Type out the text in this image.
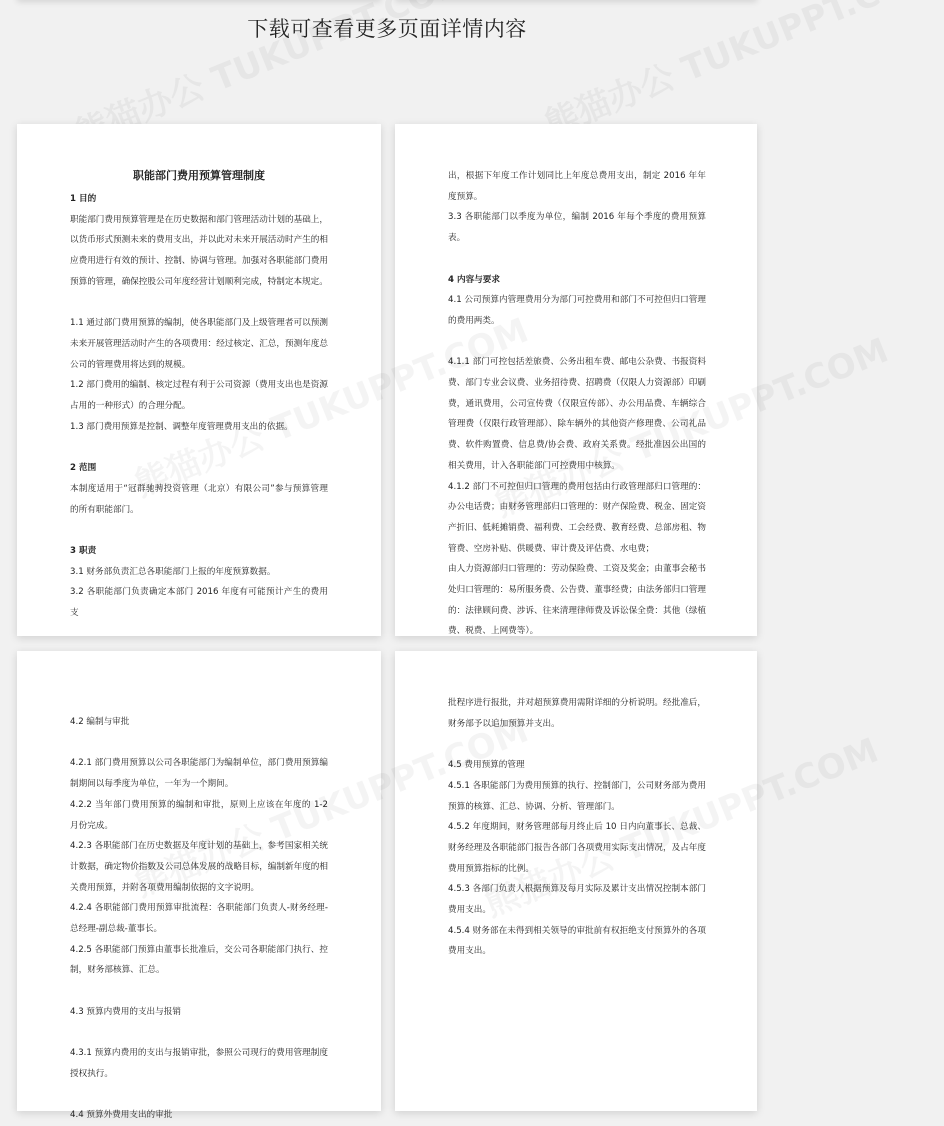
下载可查看更多页面详情内容
职能部门费用预算管理制度

1 目的

职能部门费用预算管理是在历史数据和部门管理活动计划的基础上，以货币形式预测未来的费用支出，并以此对未来开展活动时产生的相应费用进行有效的预计、控制、协调与管理。加强对各职能部门费用预算的管理，确保控股公司年度经营计划顺利完成，特制定本规定。

1.1 通过部门费用预算的编制，使各职能部门及上级管理者可以预测未来开展管理活动时产生的各项费用：经过核定、汇总，预测年度总公司的管理费用将达到的规模。

1.2 部门费用的编制、核定过程有利于公司资源（费用支出也是资源占用的一种形式）的合理分配。

1.3 部门费用预算是控制、调整年度管理费用支出的依据。

2 范围

本制度适用于“冠群驰骋投资管理（北京）有限公司”参与预算管理的所有职能部门。

3 职责

3.1 财务部负责汇总各职能部门上报的年度预算数据。

3.2 各职能部门负责确定本部门 2016 年度有可能预计产生的费用支

出，根据下年度工作计划同比上年度总费用支出，制定 2016 年年度预算。

3.3 各职能部门以季度为单位，编制 2016 年每个季度的费用预算表。

4 内容与要求

4.1 公司预算内管理费用分为部门可控费用和部门不可控但归口管理的费用两类。

4.1.1 部门可控包括差旅费、公务出租车费、邮电公杂费、书报资料费、部门专业会议费、业务招待费、招聘费（仅限人力资源部）印刷费，通讯费用，公司宣传费（仅限宣传部）、办公用品费、车辆综合管理费（仅限行政管理部）、除车辆外的其他资产修理费、公司礼品费、软件购置费、信息费/协会费、政府关系费。经批准因公出国的相关费用，计入各职能部门可控费用中核算。

4.1.2 部门不可控但归口管理的费用包括由行政管理部归口管理的：办公电话费；由财务管理部归口管理的：财产保险费、税金、固定资产折旧、低耗摊销费、福利费、工会经费、教育经费、总部房租、物管费、空房补贴、供暖费、审计费及评估费、水电费；

由人力资源部归口管理的：劳动保险费、工资及奖金；由董事会秘书处归口管理的：易所服务费、公告费、董事经费；由法务部归口管理的：法律顾问费、涉诉、往来清理律师费及诉讼保全费：其他（绿植费、税费、上网费等）。

4.2 编制与审批

4.2.1 部门费用预算以公司各职能部门为编制单位，部门费用预算编制期间以每季度为单位，一年为一个期间。

4.2.2 当年部门费用预算的编制和审批，原则上应该在年度的 1-2 月份完成。

4.2.3 各职能部门在历史数据及年度计划的基础上，参考国家相关统计数据，确定物价指数及公司总体发展的战略目标，编制新年度的相关费用预算，并附各项费用编制依据的文字说明。

4.2.4 各职能部门费用预算审批流程：各职能部门负责人-财务经理-总经理-副总裁-董事长。

4.2.5 各职能部门预算由董事长批准后，交公司各职能部门执行、控制，财务部核算、汇总。

4.3 预算内费用的支出与报销

4.3.1 预算内费用的支出与报销审批，参照公司现行的费用管理制度授权执行。

4.4 预算外费用支出的审批

批程序进行报批，并对超预算费用需附详细的分析说明。经批准后，财务部予以追加预算并支出。

4.5 费用预算的管理

4.5.1 各职能部门为费用预算的执行、控制部门，公司财务部为费用预算的核算、汇总、协调、分析、管理部门。

4.5.2 年度期间，财务管理部每月终止后 10 日内向董事长、总裁、财务经理及各职能部门报告各部门各项费用实际支出情况，及占年度费用预算指标的比例。

4.5.3 各部门负责人根据预算及每月实际及累计支出情况控制本部门费用支出。

4.5.4 财务部在未得到相关领导的审批前有权拒绝支付预算外的各项费用支出。
